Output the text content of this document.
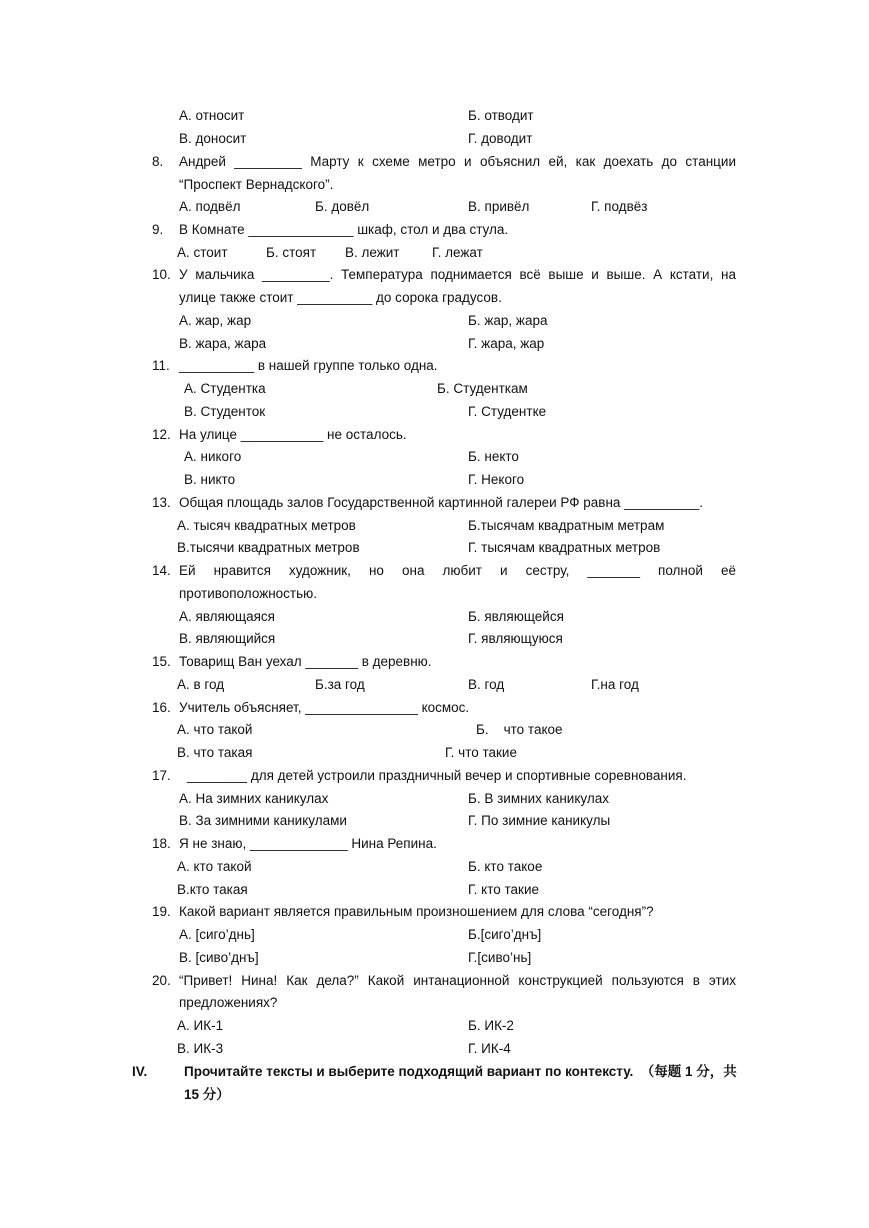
А. относит	Б. отводит
В. доносит	Г. доводит
8. Андрей _________ Марту к схеме метро и объяснил ей, как доехать до станции
“Проспект Вернадского”.
А. подвёл	Б. довёл	В. привёл	Г. подвёз
9. В Комнате ______________ шкаф, стол и два стула.
А. стоит	Б. стоят В. лежит Г. лежат
10. У мальчика _________. Температура поднимается всё выше и выше. А кстати, на
улице также стоит __________ до сорока градусов.
А. жар, жар	Б. жар, жара
В. жара, жара	Г. жара, жар
11. __________ в нашей группе только одна.
А. Студентка	Б. Студенткам
В. Студенток	Г. Студентке
12. На улице ___________ не осталось.
А. никого	Б. некто
В. никто	Г. Некого
13. Общая площадь залов Государственной картинной галереи РФ равна __________.
А. тысяч квадратных метров	Б.тысячам квадратным метрам
В.тысячи квадратных метров	Г. тысячам квадратных метров
14. Ей нравится художник, но она любит и сестру, _______ полной её
противоположностью.
А. являющаяся	Б. являющейся
В. являющийся	Г. являющуюся
15. Товарищ Ван уехал _______ в деревню.
А. в год	Б.за год	В. год	Г.на год
16. Учитель объясняет, _______________ космос.
А. что такой	Б.    что такое
В. что такая	Г. что такие
17. ________ для детей устроили праздничный вечер и спортивные соревнования.
А. На зимних каникулах	Б. В зимних каникулах
В. За зимними каникулами	Г. По зимние каникулы
18. Я не знаю, _____________ Нина Репина.
А. кто такой	Б. кто такое
В.кто такая	Г. кто такие
19. Какой вариант является правильным произношением для слова “сегодня”?
А. [сиго’днь]	Б.[сиго’днъ]
В. [сиво’днъ]	Г.[сиво’нь]
20. “Привет! Нина! Как дела?” Какой интанационной конструкцией пользуются в этих
предложениях?
А. ИК-1	Б. ИК-2
В. ИК-3	Г. ИК-4
IV.	Прочитайте тексты и выберите подходящий вариант по контексту.  （每题 1 分，共
15 分）
